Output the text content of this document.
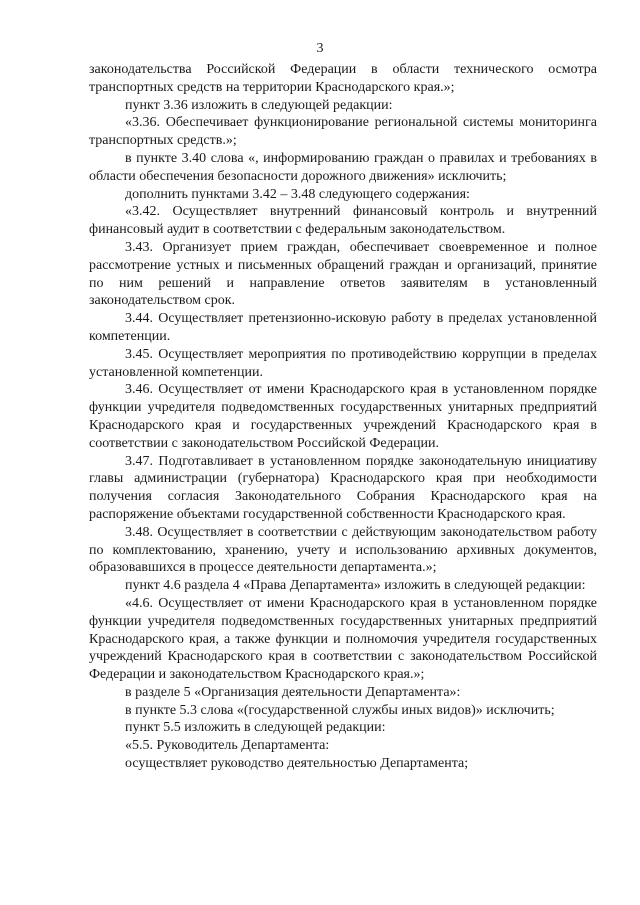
3

законодательства Российской Федерации в области технического осмотра транспортных средств на территории Краснодарского края.»;

пункт 3.36 изложить в следующей редакции:

«3.36. Обеспечивает функционирование региональной системы мониторинга транспортных средств.»;

в пункте 3.40 слова «, информированию граждан о правилах и требованиях в области обеспечения безопасности дорожного движения» исключить;

дополнить пунктами 3.42 – 3.48 следующего содержания:

«3.42. Осуществляет внутренний финансовый контроль и внутренний финансовый аудит в соответствии с федеральным законодательством.

3.43. Организует прием граждан, обеспечивает своевременное и полное рассмотрение устных и письменных обращений граждан и организаций, принятие по ним решений и направление ответов заявителям в установленный законодательством срок.

3.44. Осуществляет претензионно-исковую работу в пределах установленной компетенции.

3.45. Осуществляет мероприятия по противодействию коррупции в пределах установленной компетенции.

3.46. Осуществляет от имени Краснодарского края в установленном порядке функции учредителя подведомственных государственных унитарных предприятий Краснодарского края и государственных учреждений Краснодарского края в соответствии с законодательством Российской Федерации.

3.47. Подготавливает в установленном порядке законодательную инициативу главы администрации (губернатора) Краснодарского края при необходимости получения согласия Законодательного Собрания Краснодарского края на распоряжение объектами государственной собственности Краснодарского края.

3.48. Осуществляет в соответствии с действующим законодательством работу по комплектованию, хранению, учету и использованию архивных документов, образовавшихся в процессе деятельности департамента.»;

пункт 4.6 раздела 4 «Права Департамента» изложить в следующей редакции:

«4.6. Осуществляет от имени Краснодарского края в установленном порядке функции учредителя подведомственных государственных унитарных предприятий Краснодарского края, а также функции и полномочия учредителя государственных учреждений Краснодарского края в соответствии с законодательством Российской Федерации и законодательством Краснодарского края.»;

в разделе 5 «Организация деятельности Департамента»:

в пункте 5.3 слова «(государственной службы иных видов)» исключить;

пункт 5.5 изложить в следующей редакции:

«5.5. Руководитель Департамента:

осуществляет руководство деятельностью Департамента;
